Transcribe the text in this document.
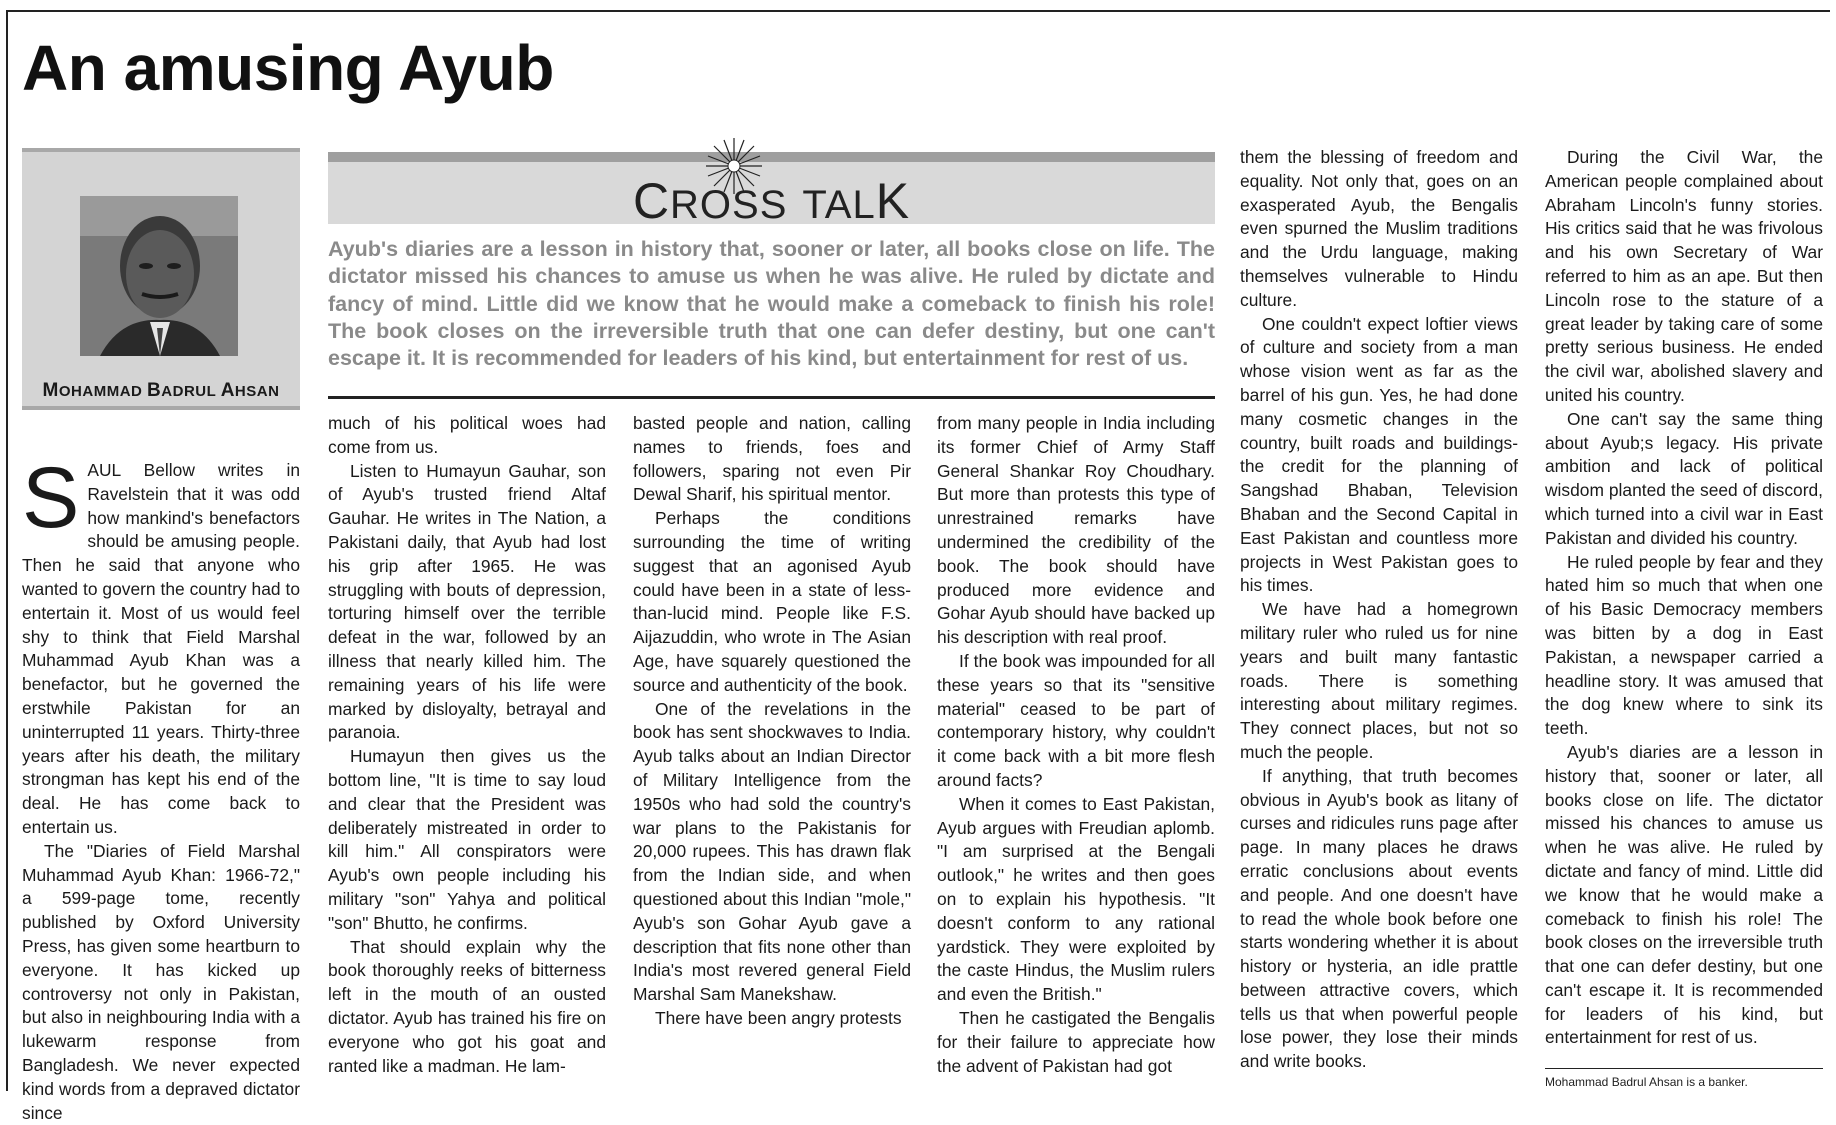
An amusing Ayub
MOHAMMAD BADRUL AHSAN
CROSS TALK
Ayub's diaries are a lesson in history that, sooner or later, all books close on life. The dictator missed his chances to amuse us when he was alive. He ruled by dictate and fancy of mind. Little did we know that he would make a comeback to finish his role! The book closes on the irreversible truth that one can defer destiny, but one can't escape it. It is recommended for leaders of his kind, but entertainment for rest of us.
S AUL Bellow writes in Ravelstein that it was odd how mankind's benefactors should be amusing people. Then he said that anyone who wanted to govern the country had to entertain it. Most of us would feel shy to think that Field Marshal Muhammad Ayub Khan was a benefactor, but he governed the erstwhile Pakistan for an uninterrupted 11 years. Thirty-three years after his death, the military strongman has kept his end of the deal. He has come back to entertain us.

The "Diaries of Field Marshal Muhammad Ayub Khan: 1966-72," a 599-page tome, recently published by Oxford University Press, has given some heartburn to everyone. It has kicked up controversy not only in Pakistan, but also in neighbouring India with a lukewarm response from Bangladesh. We never expected kind words from a depraved dictator since

much of his political woes had come from us.

Listen to Humayun Gauhar, son of Ayub's trusted friend Altaf Gauhar. He writes in The Nation, a Pakistani daily, that Ayub had lost his grip after 1965. He was struggling with bouts of depression, torturing himself over the terrible defeat in the war, followed by an illness that nearly killed him. The remaining years of his life were marked by disloyalty, betrayal and paranoia.

Humayun then gives us the bottom line, "It is time to say loud and clear that the President was deliberately mistreated in order to kill him." All conspirators were Ayub's own people including his military "son" Yahya and political "son" Bhutto, he confirms.

That should explain why the book thoroughly reeks of bitterness left in the mouth of an ousted dictator. Ayub has trained his fire on everyone who got his goat and ranted like a madman. He lam-

basted people and nation, calling names to friends, foes and followers, sparing not even Pir Dewal Sharif, his spiritual mentor.

Perhaps the conditions surrounding the time of writing suggest that an agonised Ayub could have been in a state of less-than-lucid mind. People like F.S. Aijazuddin, who wrote in The Asian Age, have squarely questioned the source and authenticity of the book.

One of the revelations in the book has sent shockwaves to India. Ayub talks about an Indian Director of Military Intelligence from the 1950s who had sold the country's war plans to the Pakistanis for 20,000 rupees. This has drawn flak from the Indian side, and when questioned about this Indian "mole," Ayub's son Gohar Ayub gave a description that fits none other than India's most revered general Field Marshal Sam Manekshaw.

There have been angry protests

from many people in India including its former Chief of Army Staff General Shankar Roy Choudhary. But more than protests this type of unrestrained remarks have undermined the credibility of the book. The book should have produced more evidence and Gohar Ayub should have backed up his description with real proof.

If the book was impounded for all these years so that its "sensitive material" ceased to be part of contemporary history, why couldn't it come back with a bit more flesh around facts?

When it comes to East Pakistan, Ayub argues with Freudian aplomb. "I am surprised at the Bengali outlook," he writes and then goes on to explain his hypothesis. "It doesn't conform to any rational yardstick. They were exploited by the caste Hindus, the Muslim rulers and even the British."

Then he castigated the Bengalis for their failure to appreciate how the advent of Pakistan had got

them the blessing of freedom and equality. Not only that, goes on an exasperated Ayub, the Bengalis even spurned the Muslim traditions and the Urdu language, making themselves vulnerable to Hindu culture.

One couldn't expect loftier views of culture and society from a man whose vision went as far as the barrel of his gun. Yes, he had done many cosmetic changes in the country, built roads and buildings- the credit for the planning of Sangshad Bhaban, Television Bhaban and the Second Capital in East Pakistan and countless more projects in West Pakistan goes to his times.

We have had a homegrown military ruler who ruled us for nine years and built many fantastic roads. There is something interesting about military regimes. They connect places, but not so much the people.

If anything, that truth becomes obvious in Ayub's book as litany of curses and ridicules runs page after page. In many places he draws erratic conclusions about events and people. And one doesn't have to read the whole book before one starts wondering whether it is about history or hysteria, an idle prattle between attractive covers, which tells us that when powerful people lose power, they lose their minds and write books.

During the Civil War, the American people complained about Abraham Lincoln's funny stories. His critics said that he was frivolous and his own Secretary of War referred to him as an ape. But then Lincoln rose to the stature of a great leader by taking care of some pretty serious business. He ended the civil war, abolished slavery and united his country.

One can't say the same thing about Ayub;s legacy. His private ambition and lack of political wisdom planted the seed of discord, which turned into a civil war in East Pakistan and divided his country.

He ruled people by fear and they hated him so much that when one of his Basic Democracy members was bitten by a dog in East Pakistan, a newspaper carried a headline story. It was amused that the dog knew where to sink its teeth.

Ayub's diaries are a lesson in history that, sooner or later, all books close on life. The dictator missed his chances to amuse us when he was alive. He ruled by dictate and fancy of mind. Little did we know that he would make a comeback to finish his role! The book closes on the irreversible truth that one can defer destiny, but one can't escape it. It is recommended for leaders of his kind, but entertainment for rest of us.

Mohammad Badrul Ahsan is a banker.
